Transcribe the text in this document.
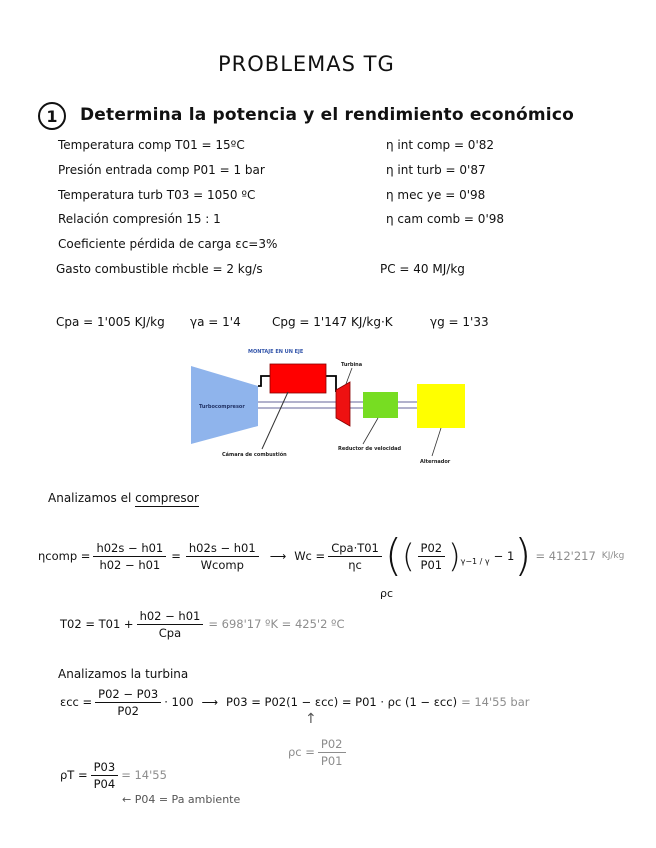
PROBLEMAS TG
1 Determina la potencia y el rendimiento económico
Temperatura comp T01 = 15ºC
Presión entrada comp P01 = 1 bar
Temperatura turb T03 = 1050 ºC
Relación compresión 15 : 1
Coeficiente pérdida de carga εc=3%
Gasto combustible ṁcble = 2 kg/s
η int comp = 0'82
η int turb = 0'87
η mec ye = 0'98
η cam comb = 0'98
PC = 40 MJ/kg
Cpa = 1'005 KJ/kg γa = 1'4	Cpg = 1'147 KJ/kg·K	γg = 1'33
MONTAJE EN UN EJE
Turbocompresor
Cámara de combustión
Turbina
Reductor de velocidad
Alternador
Analizamos el compresor
ηcomp = $\frac{h02s - h01}{h02 - h01} = \frac{h02s - h01}{\text{Wcomp}}$ ⟶ $Wc = \frac{\text{Cpa·T01}}{\eta c}$ ( ( $\frac{P02}{P01}$ ) γ−1 / γ − 1 ) = 412'217 KJ/kg
ρc
$T02 = T01 + \frac{h02 - h01}{\text{Cpa}} = 698'17$ ºK = 425'2 ºC
Analizamos la turbina
$\varepsilon cc = \frac{P02 - P03}{P02} \cdot 100$ ⟶ P03 = P02(1 − εcc) = P01 · ρc (1 − εcc) = 14'55 bar
↑
$\rho c = \frac{P02}{P01}$
$\rho T = \frac{P03}{P04} = 14'55$
← P04 = Pa ambiente
